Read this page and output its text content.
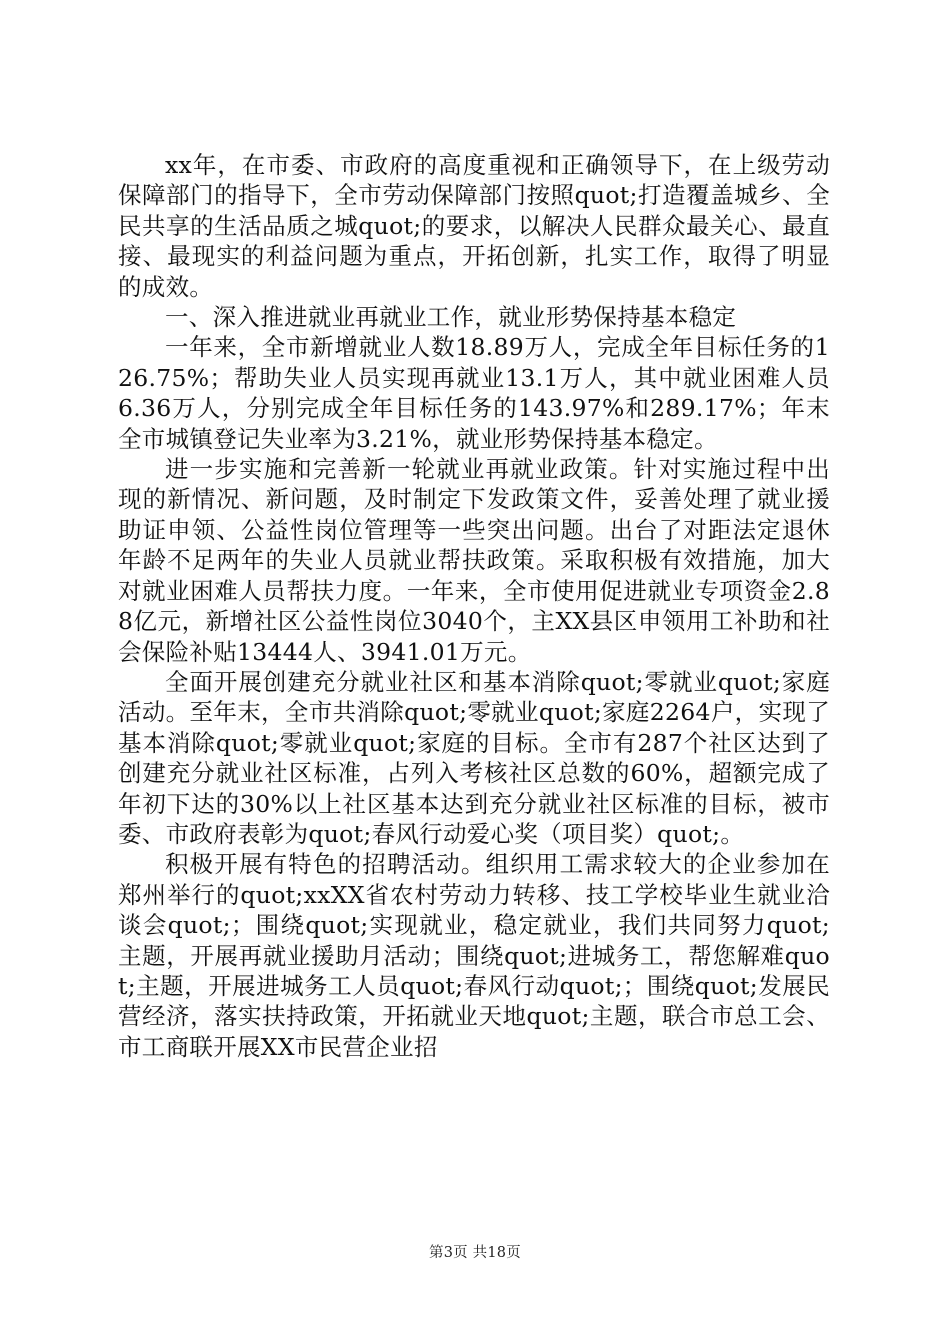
xx年，在市委、市政府的高度重视和正确领导下，在上级劳动保障部门的指导下，全市劳动保障部门按照quot;打造覆盖城乡、全民共享的生活品质之城quot;的要求，以解决人民群众最关心、最直接、最现实的利益问题为重点，开拓创新，扎实工作，取得了明显的成效。

一、深入推进就业再就业工作，就业形势保持基本稳定

一年来，全市新增就业人数18.89万人，完成全年目标任务的126.75%；帮助失业人员实现再就业13.1万人，其中就业困难人员6.36万人，分别完成全年目标任务的143.97%和289.17%；年末全市城镇登记失业率为3.21%，就业形势保持基本稳定。

进一步实施和完善新一轮就业再就业政策。针对实施过程中出现的新情况、新问题，及时制定下发政策文件，妥善处理了就业援助证申领、公益性岗位管理等一些突出问题。出台了对距法定退休年龄不足两年的失业人员就业帮扶政策。采取积极有效措施，加大对就业困难人员帮扶力度。一年来，全市使用促进就业专项资金2.88亿元，新增社区公益性岗位3040个，主XX县区申领用工补助和社会保险补贴13444人、3941.01万元。

全面开展创建充分就业社区和基本消除quot;零就业quot;家庭活动。至年末，全市共消除quot;零就业quot;家庭2264户，实现了基本消除quot;零就业quot;家庭的目标。全市有287个社区达到了创建充分就业社区标准，占列入考核社区总数的60%，超额完成了年初下达的30%以上社区基本达到充分就业社区标准的目标，被市委、市政府表彰为quot;春风行动爱心奖（项目奖）quot;。

积极开展有特色的招聘活动。组织用工需求较大的企业参加在郑州举行的quot;xxXX省农村劳动力转移、技工学校毕业生就业洽谈会quot;；围绕quot;实现就业，稳定就业，我们共同努力quot;主题，开展再就业援助月活动；围绕quot;进城务工，帮您解难quot;主题，开展进城务工人员quot;春风行动quot;；围绕quot;发展民营经济，落实扶持政策，开拓就业天地quot;主题，联合市总工会、市工商联开展XX市民营企业招

第3页 共18页
